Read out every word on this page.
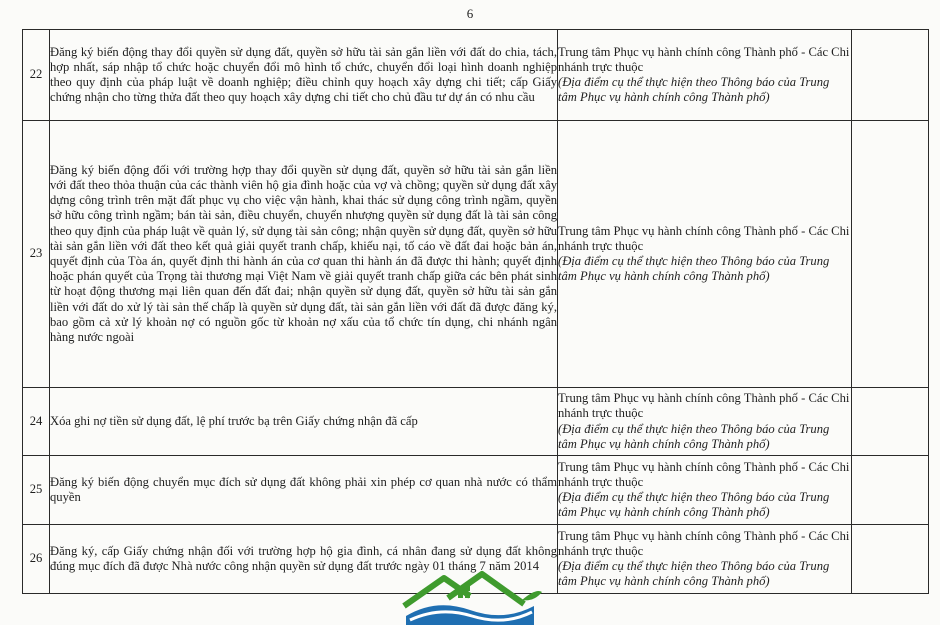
6
22	Đăng ký biến động thay đổi quyền sử dụng đất, quyền sở hữu tài sản gắn liền với đất do chia, tách, hợp nhất, sáp nhập tổ chức hoặc chuyển đổi mô hình tổ chức, chuyển đổi loại hình doanh nghiệp theo quy định của pháp luật về doanh nghiệp; điều chỉnh quy hoạch xây dựng chi tiết; cấp Giấy chứng nhận cho từng thửa đất theo quy hoạch xây dựng chi tiết cho chủ đầu tư dự án có nhu cầu	Trung tâm Phục vụ hành chính công Thành phố - Các Chi nhánh trực thuộc
(Địa điểm cụ thể thực hiện theo Thông báo của Trung tâm Phục vụ hành chính công Thành phố)	

23	Đăng ký biến động đối với trường hợp thay đổi quyền sử dụng đất, quyền sở hữu tài sản gắn liền với đất theo thỏa thuận của các thành viên hộ gia đình hoặc của vợ và chồng; quyền sử dụng đất xây dựng công trình trên mặt đất phục vụ cho việc vận hành, khai thác sử dụng công trình ngầm, quyền sở hữu công trình ngầm; bán tài sản, điều chuyển, chuyển nhượng quyền sử dụng đất là tài sản công theo quy định của pháp luật về quản lý, sử dụng tài sản công; nhận quyền sử dụng đất, quyền sở hữu tài sản gắn liền với đất theo kết quả giải quyết tranh chấp, khiếu nại, tố cáo về đất đai hoặc bản án, quyết định của Tòa án, quyết định thi hành án của cơ quan thi hành án đã được thi hành; quyết định hoặc phán quyết của Trọng tài thương mại Việt Nam về giải quyết tranh chấp giữa các bên phát sinh từ hoạt động thương mại liên quan đến đất đai; nhận quyền sử dụng đất, quyền sở hữu tài sản gắn liền với đất do xử lý tài sản thế chấp là quyền sử dụng đất, tài sản gắn liền với đất đã được đăng ký, bao gồm cả xử lý khoản nợ có nguồn gốc từ khoản nợ xấu của tổ chức tín dụng, chi nhánh ngân hàng nước ngoài	Trung tâm Phục vụ hành chính công Thành phố - Các Chi nhánh trực thuộc
(Địa điểm cụ thể thực hiện theo Thông báo của Trung tâm Phục vụ hành chính công Thành phố)	

24	Xóa ghi nợ tiền sử dụng đất, lệ phí trước bạ trên Giấy chứng nhận đã cấp	Trung tâm Phục vụ hành chính công Thành phố - Các Chi nhánh trực thuộc
(Địa điểm cụ thể thực hiện theo Thông báo của Trung tâm Phục vụ hành chính công Thành phố)	

25	Đăng ký biến động chuyển mục đích sử dụng đất không phải xin phép cơ quan nhà nước có thẩm quyền	Trung tâm Phục vụ hành chính công Thành phố - Các Chi nhánh trực thuộc
(Địa điểm cụ thể thực hiện theo Thông báo của Trung tâm Phục vụ hành chính công Thành phố)	

26	Đăng ký, cấp Giấy chứng nhận đối với trường hợp hộ gia đình, cá nhân đang sử dụng đất không đúng mục đích đã được Nhà nước công nhận quyền sử dụng đất trước ngày 01 tháng 7 năm 2014	Trung tâm Phục vụ hành chính công Thành phố - Các Chi nhánh trực thuộc
(Địa điểm cụ thể thực hiện theo Thông báo của Trung tâm Phục vụ hành chính công Thành phố)	
